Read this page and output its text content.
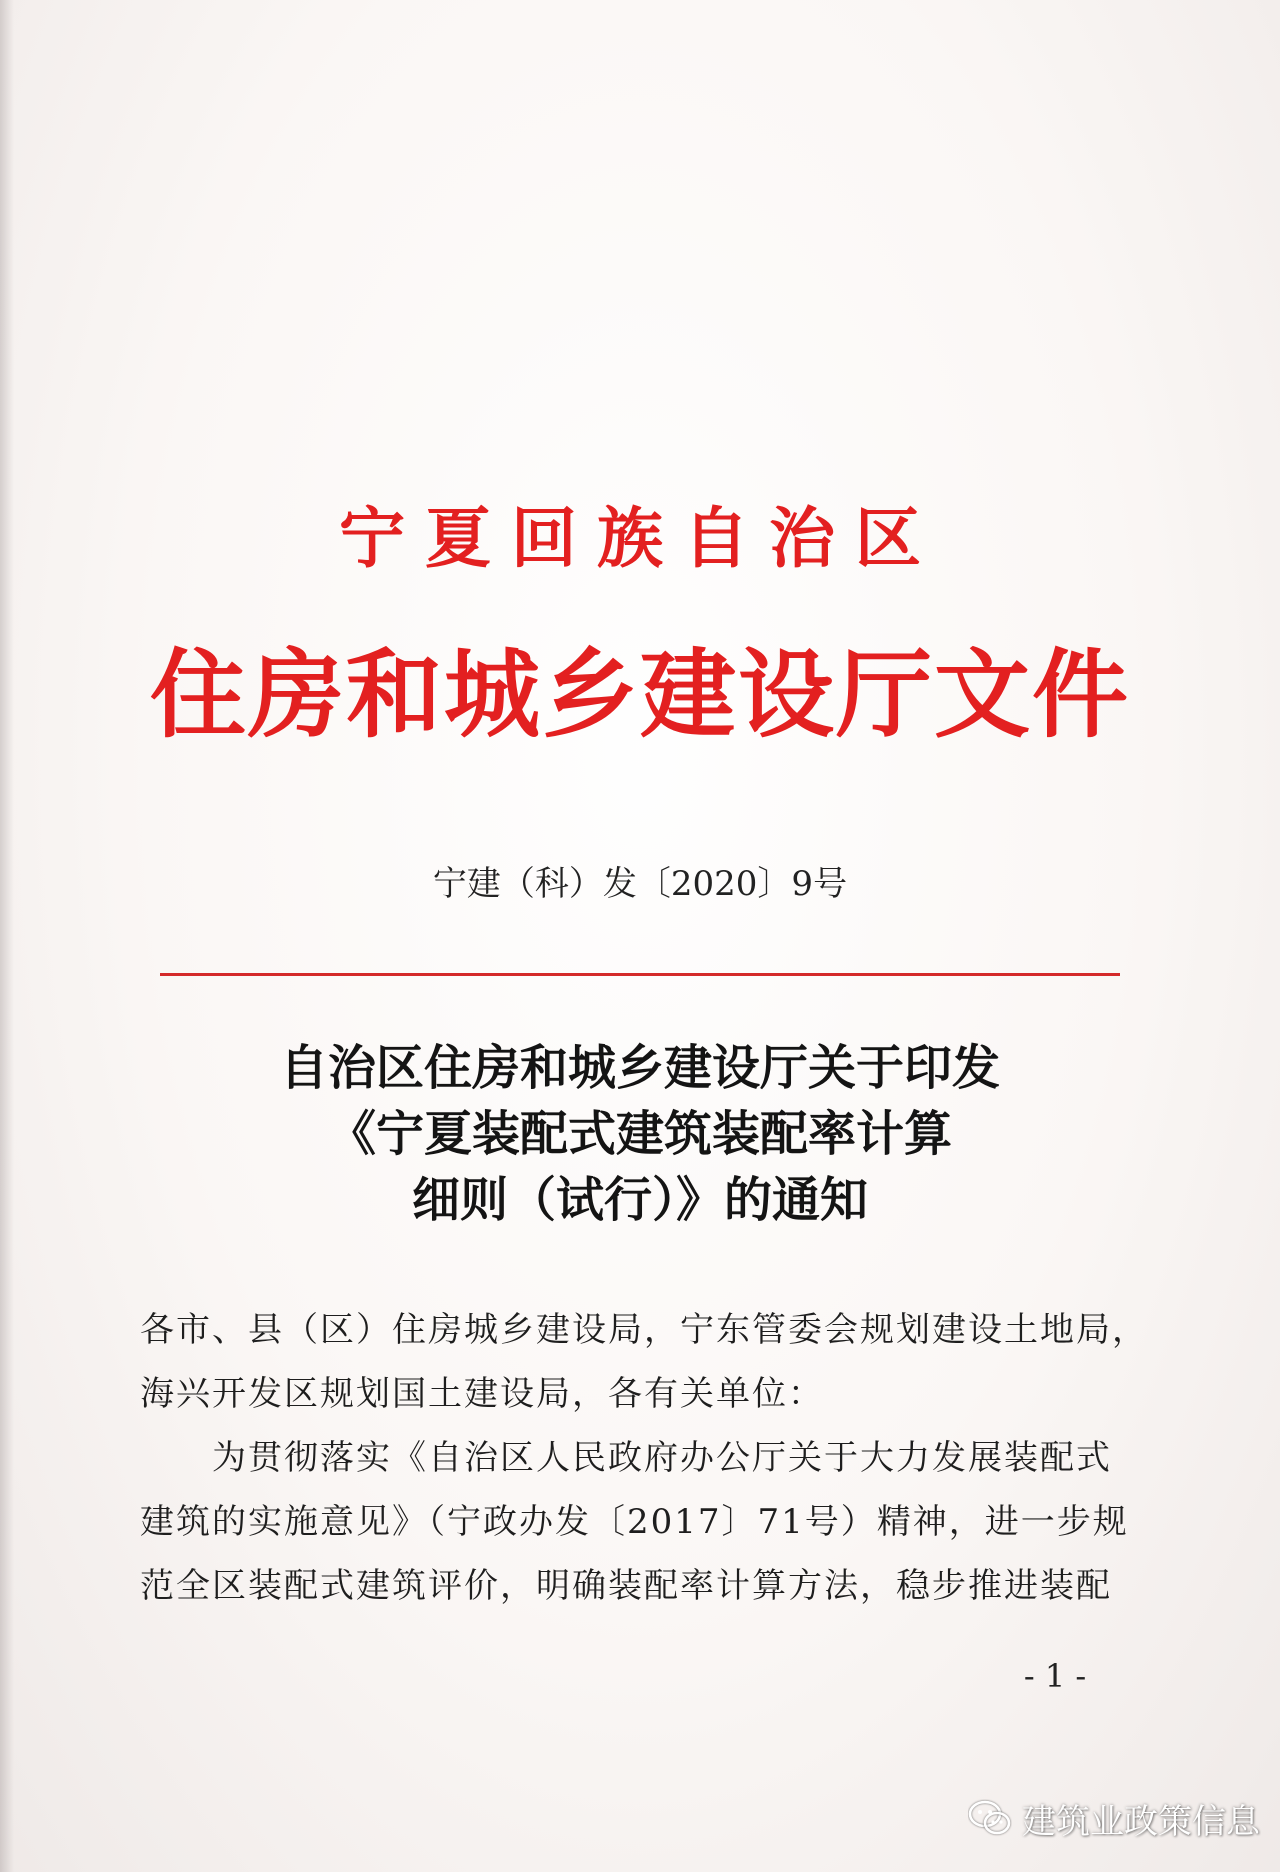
宁夏回族自治区
住房和城乡建设厅文件
宁建（科）发〔2020〕9号
自治区住房和城乡建设厅关于印发
《宁夏装配式建筑装配率计算
细则（试行）》的通知

各市、县（区）住房城乡建设局，宁东管委会规划建设土地局，

海兴开发区规划国土建设局，各有关单位：

为贯彻落实《自治区人民政府办公厅关于大力发展装配式

建筑的实施意见》（宁政办发〔2017〕71号）精神，进一步规

范全区装配式建筑评价，明确装配率计算方法，稳步推进装配

- 1 -
建筑业政策信息
